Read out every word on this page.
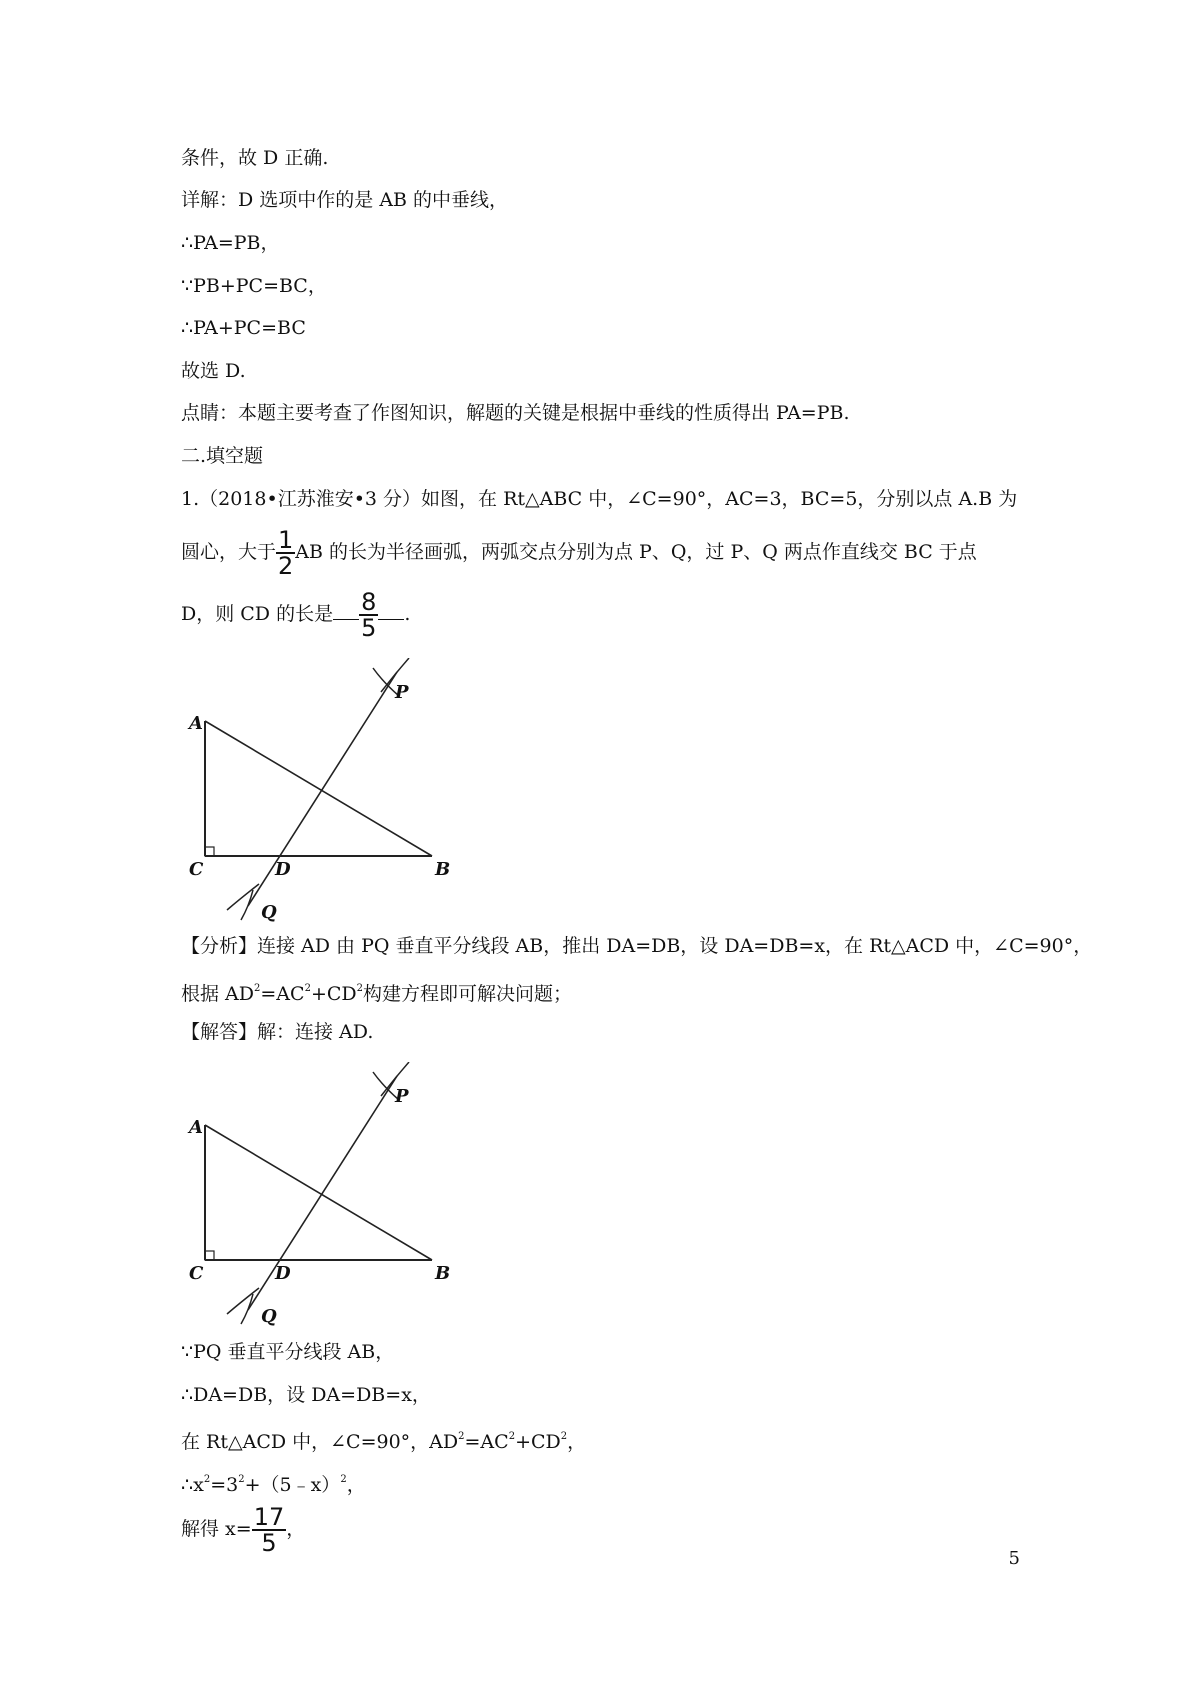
条件，故 D 正确.
详解：D 选项中作的是 AB 的中垂线，
∴PA=PB，
∵PB+PC=BC，
∴PA+PC=BC
故选 D.
点睛：本题主要考查了作图知识，解题的关键是根据中垂线的性质得出 PA=PB.
二.填空题
1.（2018•江苏淮安•3 分）如图，在 Rt△ABC 中，∠C=90°，AC=3，BC=5，分别以点 A.B 为
圆心，大于 $\frac{1}{2}$ AB 的长为半径画弧，两弧交点分别为点 P、Q，过 P、Q 两点作直线交 BC 于点
D，则 CD 的长是 $\frac{8}{5}$ .
A
C	D	B
P
Q
【分析】连接 AD 由 PQ 垂直平分线段 AB，推出 DA=DB，设 DA=DB=x，在 Rt△ACD 中，∠C=90°，
根据 $AD^2=AC^2+CD^2$构建方程即可解决问题；
【解答】解：连接 AD.
A
C	D	B
P
Q
∵PQ 垂直平分线段 AB，
∴DA=DB，设 DA=DB=x，
在 Rt△ACD 中，∠C=90°，$AD^2=AC^2+CD^2$，
$\therefore x^2=3^2+(5﹣x)^2$，
解得 $x= \frac{17}{5}$ ，
5
